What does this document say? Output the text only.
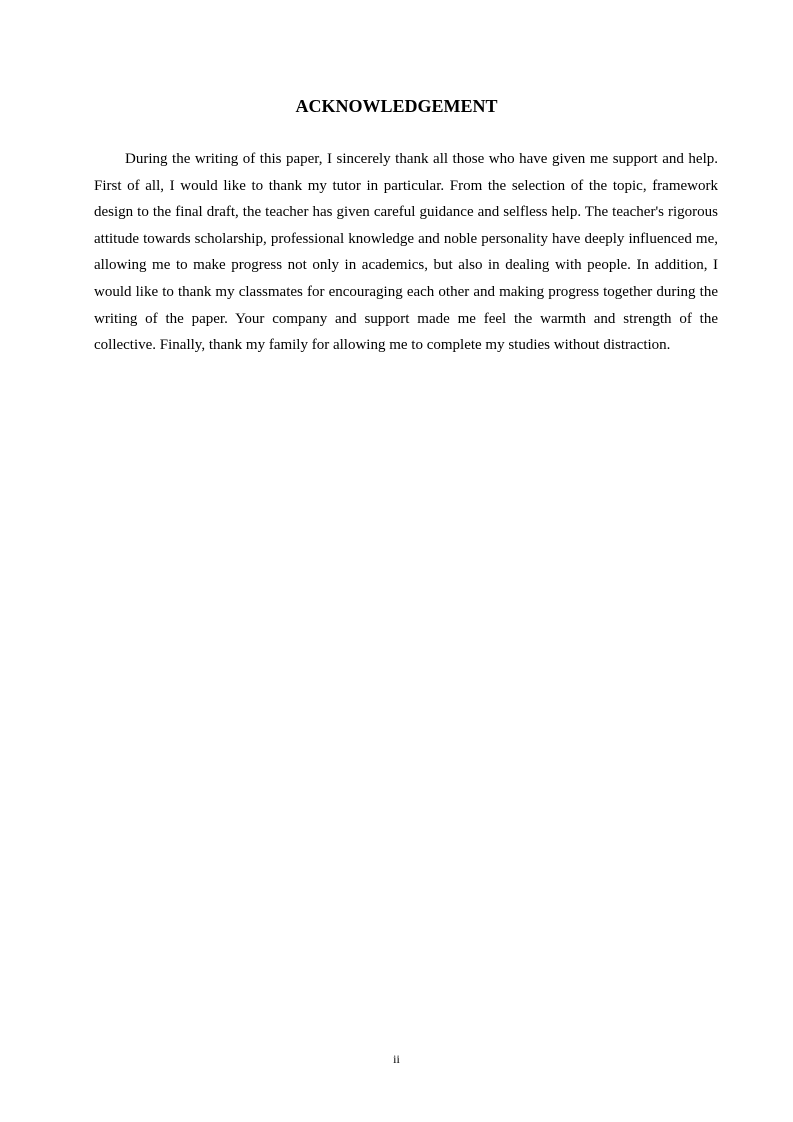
ACKNOWLEDGEMENT

During the writing of this paper, I sincerely thank all those who have given me support and help. First of all, I would like to thank my tutor in particular. From the selection of the topic, framework design to the final draft, the teacher has given careful guidance and selfless help. The teacher's rigorous attitude towards scholarship, professional knowledge and noble personality have deeply influenced me, allowing me to make progress not only in academics, but also in dealing with people. In addition, I would like to thank my classmates for encouraging each other and making progress together during the writing of the paper. Your company and support made me feel the warmth and strength of the collective. Finally, thank my family for allowing me to complete my studies without distraction.

ii
